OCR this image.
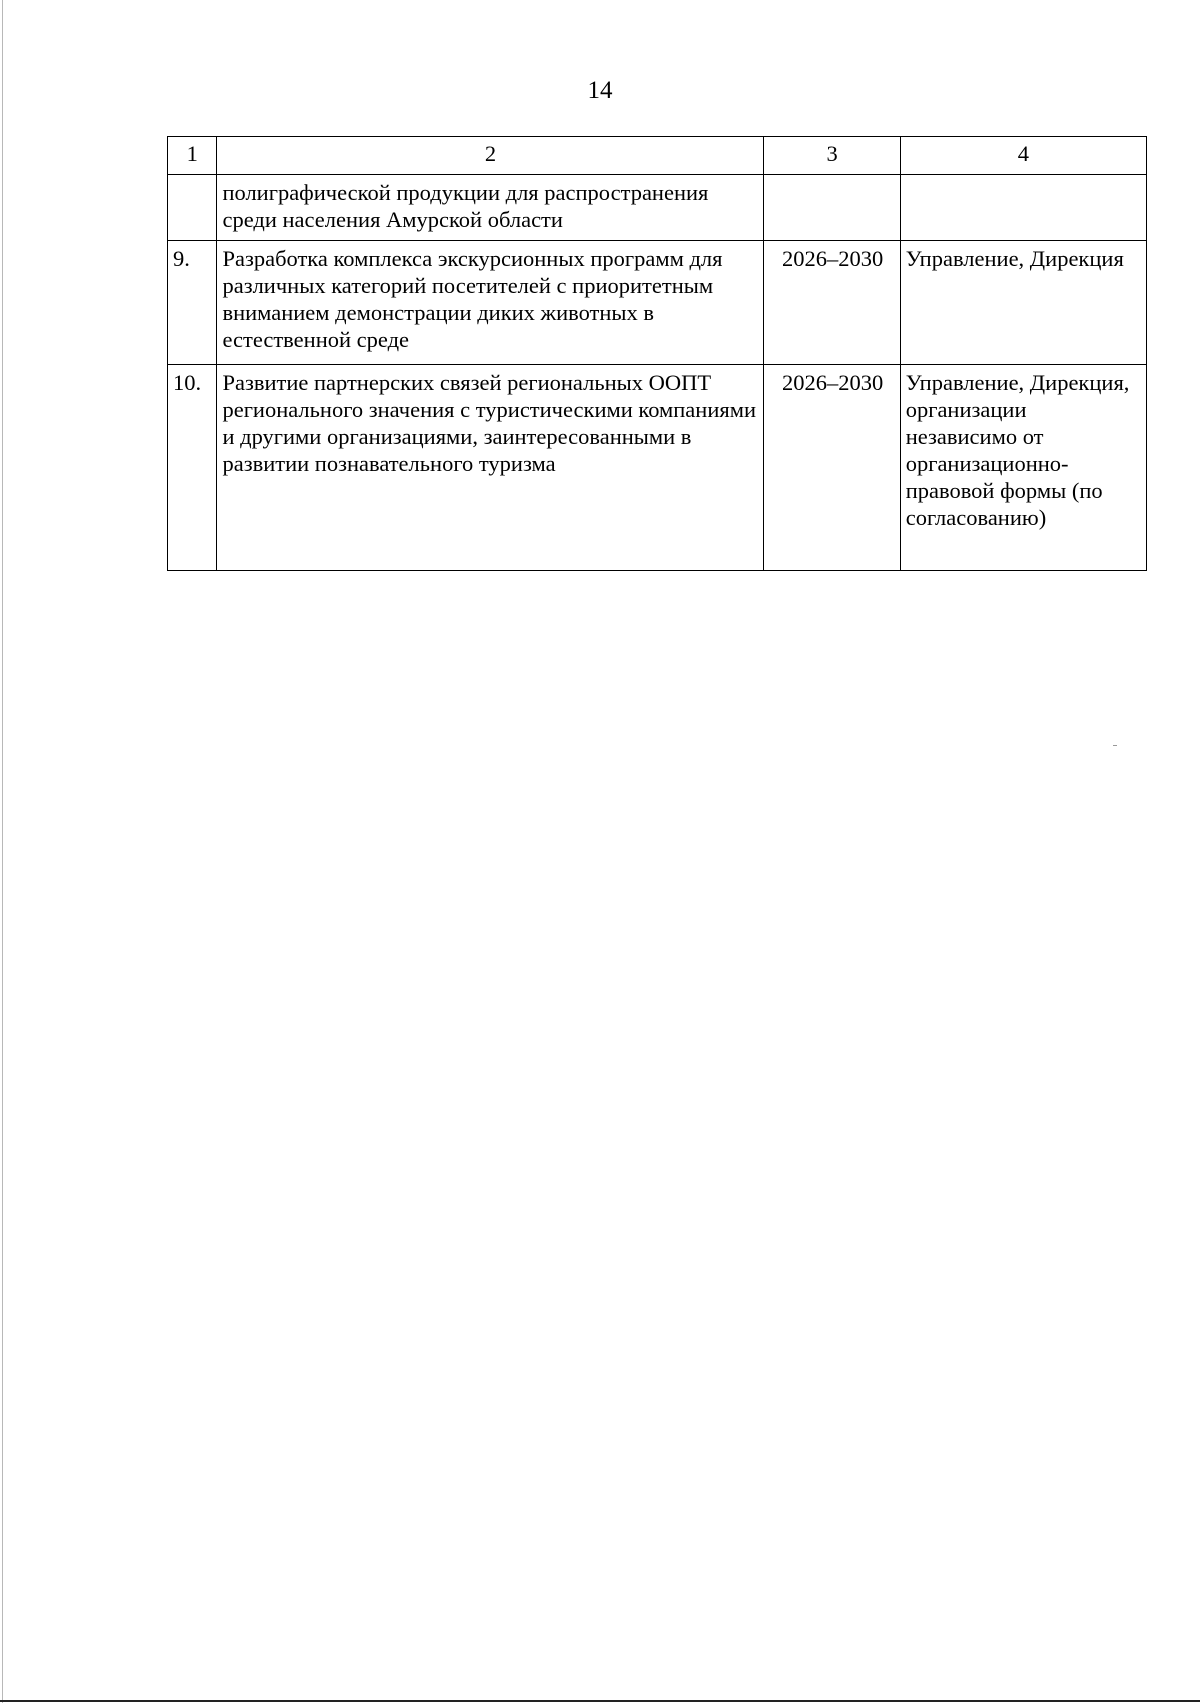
14
1	2	3	4
	полиграфической продукции для распространения среди населения Амурской области		
9.	Разработка комплекса экскурсионных программ для различных категорий посетителей с приоритетным вниманием демонстрации диких животных в естественной среде	2026–2030	Управление, Дирекция
10.	Развитие партнерских связей региональных ООПТ регионального значения с туристическими компаниями и другими организациями, заинтересованными в развитии познавательного туризма	2026–2030	Управление, Дирекция, организации независимо от организационно-правовой формы (по согласованию)
